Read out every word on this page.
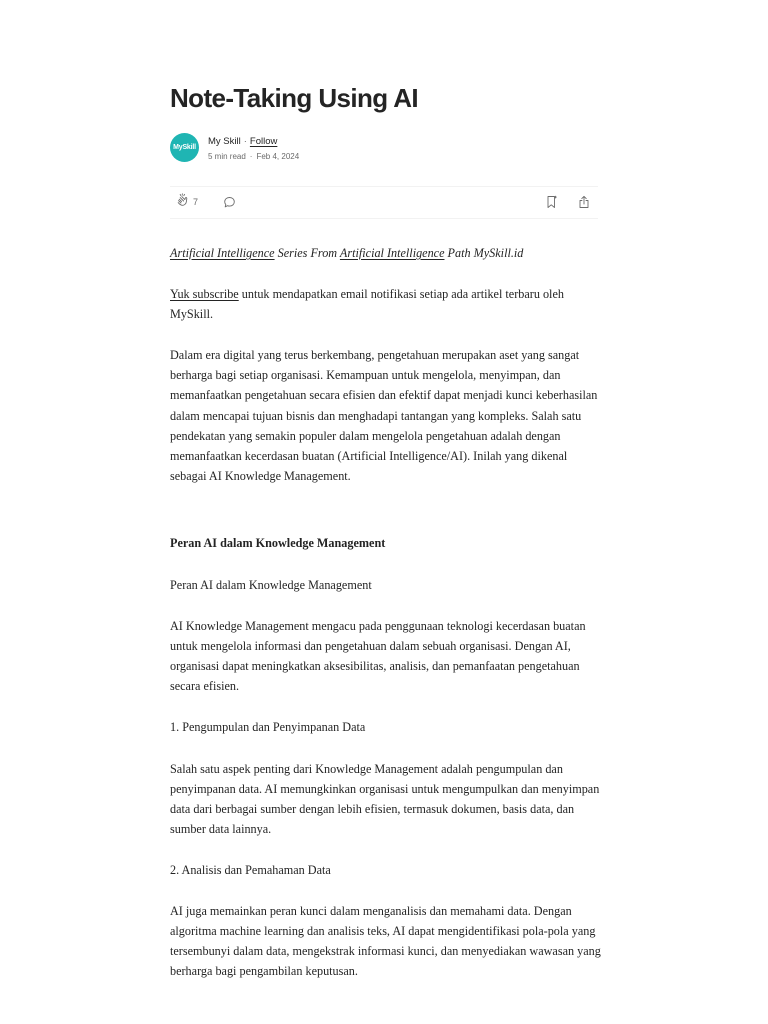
Note-Taking Using AI
MySkill
My Skill · Follow
5 min read · Feb 4, 2024
7

Artificial Intelligence Series From Artificial Intelligence Path MySkill.id

Yuk subscribe untuk mendapatkan email notifikasi setiap ada artikel terbaru oleh MySkill.

Dalam era digital yang terus berkembang, pengetahuan merupakan aset yang sangat berharga bagi setiap organisasi. Kemampuan untuk mengelola, menyimpan, dan memanfaatkan pengetahuan secara efisien dan efektif dapat menjadi kunci keberhasilan dalam mencapai tujuan bisnis dan menghadapi tantangan yang kompleks. Salah satu pendekatan yang semakin populer dalam mengelola pengetahuan adalah dengan memanfaatkan kecerdasan buatan (Artificial Intelligence/AI). Inilah yang dikenal sebagai AI Knowledge Management.

Peran AI dalam Knowledge Management

Peran AI dalam Knowledge Management

AI Knowledge Management mengacu pada penggunaan teknologi kecerdasan buatan untuk mengelola informasi dan pengetahuan dalam sebuah organisasi. Dengan AI, organisasi dapat meningkatkan aksesibilitas, analisis, dan pemanfaatan pengetahuan secara efisien.

1. Pengumpulan dan Penyimpanan Data

Salah satu aspek penting dari Knowledge Management adalah pengumpulan dan penyimpanan data. AI memungkinkan organisasi untuk mengumpulkan dan menyimpan data dari berbagai sumber dengan lebih efisien, termasuk dokumen, basis data, dan sumber data lainnya.

2. Analisis dan Pemahaman Data

AI juga memainkan peran kunci dalam menganalisis dan memahami data. Dengan algoritma machine learning dan analisis teks, AI dapat mengidentifikasi pola-pola yang tersembunyi dalam data, mengekstrak informasi kunci, dan menyediakan wawasan yang berharga bagi pengambilan keputusan.
